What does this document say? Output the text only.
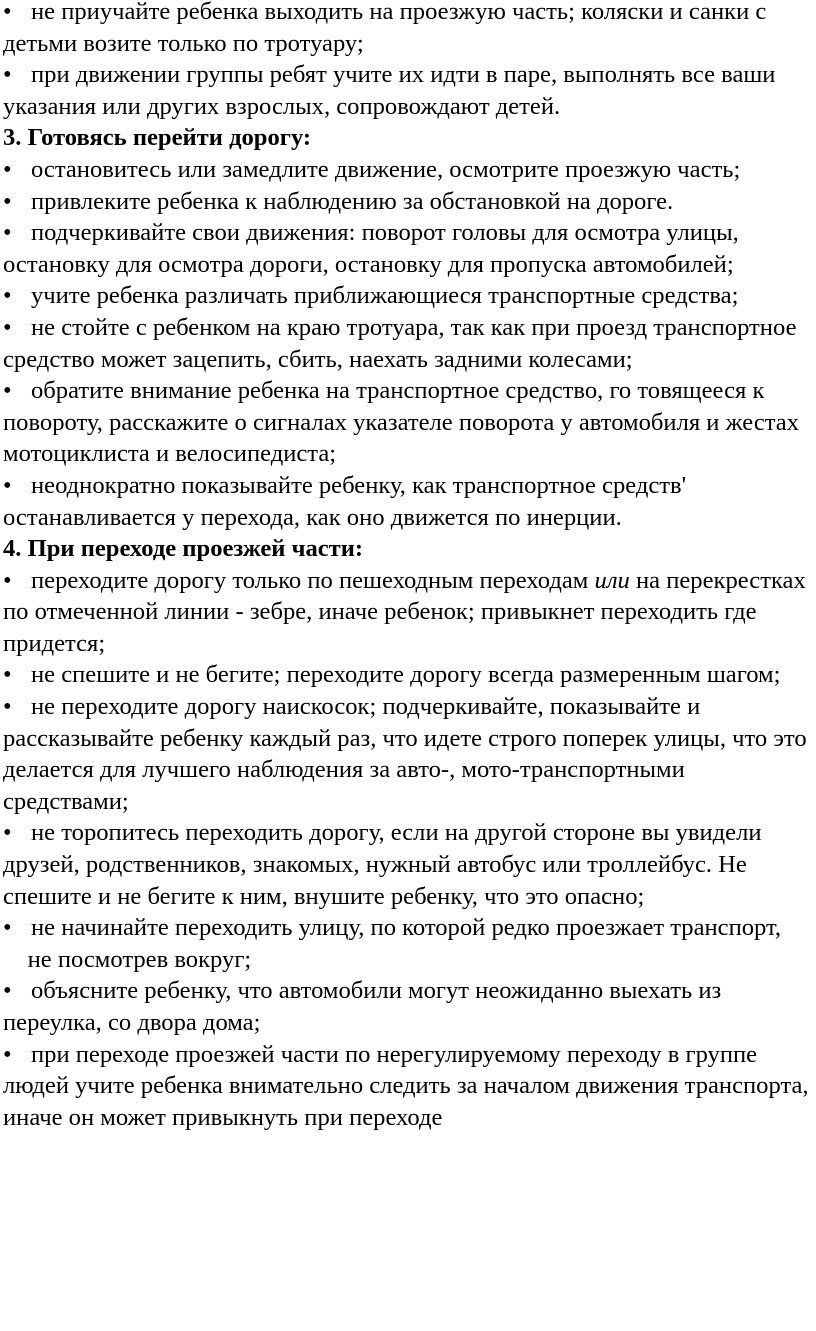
• не приучайте ребенка выходить на проезжую часть; коляски и санки с детьми возите только по тротуару;

• при движении группы ребят учите их идти в паре, выполнять все ваши указания или других взрослых, сопровождают детей.

3. Готовясь перейти дорогу:

• остановитесь или замедлите движение, осмотрите проезжую часть;

• привлеките ребенка к наблюдению за обстановкой на дороге.

• подчеркивайте свои движения: поворот головы для осмотра улицы, остановку для осмотра дороги, остановку для пропуска автомобилей;

• учите ребенка различать приближающиеся транспортные средства;

• не стойте с ребенком на краю тротуара, так как при проезд транспортное средство может зацепить, сбить, наехать задними колесами;

• обратите внимание ребенка на транспортное средство, го товящееся к повороту, расскажите о сигналах указателе поворота у автомобиля и жестах мотоциклиста и велосипедиста;

• неоднократно показывайте ребенку, как транспортное средств' останавливается у перехода, как оно движется по инерции.

4. При переходе проезжей части:

• переходите дорогу только по пешеходным переходам или на перекрестках по отмеченной линии - зебре, иначе ребенок; привыкнет переходить где придется;

• не спешите и не бегите; переходите дорогу всегда размеренным шагом;

• не переходите дорогу наискосок; подчеркивайте, показывайте и рассказывайте ребенку каждый раз, что идете строго поперек улицы, что это делается для лучшего наблюдения за авто-, мото-транспортными средствами;

• не торопитесь переходить дорогу, если на другой стороне вы увидели друзей, родственников, знакомых, нужный автобус или троллейбус. Не спешите и не бегите к ним, внушите ребенку, что это опасно;

• не начинайте переходить улицу, по которой редко проезжает транспорт,    не посмотрев вокруг;

• объясните ребенку, что автомобили могут неожиданно выехать из переулка, со двора дома;

• при переходе проезжей части по нерегулируемому переходу в группе людей учите ребенка внимательно следить за началом движения транспорта, иначе он может привыкнуть при переходе
